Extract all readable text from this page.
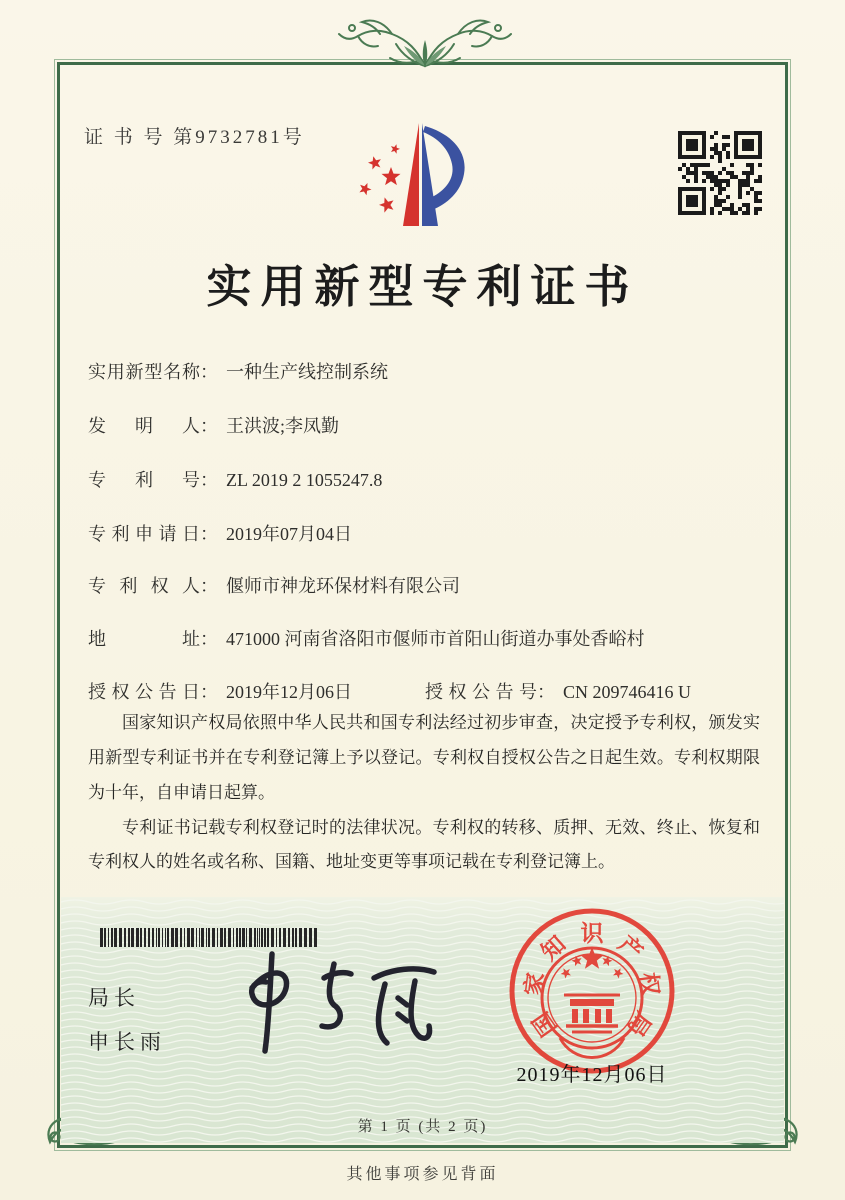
证 书 号 第9732781号
实用新型专利证书
实用新型名称： 一种生产线控制系统
发明人： 王洪波;李凤勤
专利号： ZL 2019 2 1055247.8
专利申请日： 2019年07月04日
专利权人： 偃师市神龙环保材料有限公司
地址： 471000 河南省洛阳市偃师市首阳山街道办事处香峪村
授权公告日： 2019年12月06日	授权公告号： CN 209746416 U

国家知识产权局依照中华人民共和国专利法经过初步审查，决定授予专利权，颁发实用新型专利证书并在专利登记簿上予以登记。专利权自授权公告之日起生效。专利权期限为十年，自申请日起算。

专利证书记载专利权登记时的法律状况。专利权的转移、质押、无效、终止、恢复和专利权人的姓名或名称、国籍、地址变更等事项记载在专利登记簿上。

局长
申长雨
国
家
知 识 产
权
局
2019年12月06日
第 1 页 (共 2 页)
其他事项参见背面
